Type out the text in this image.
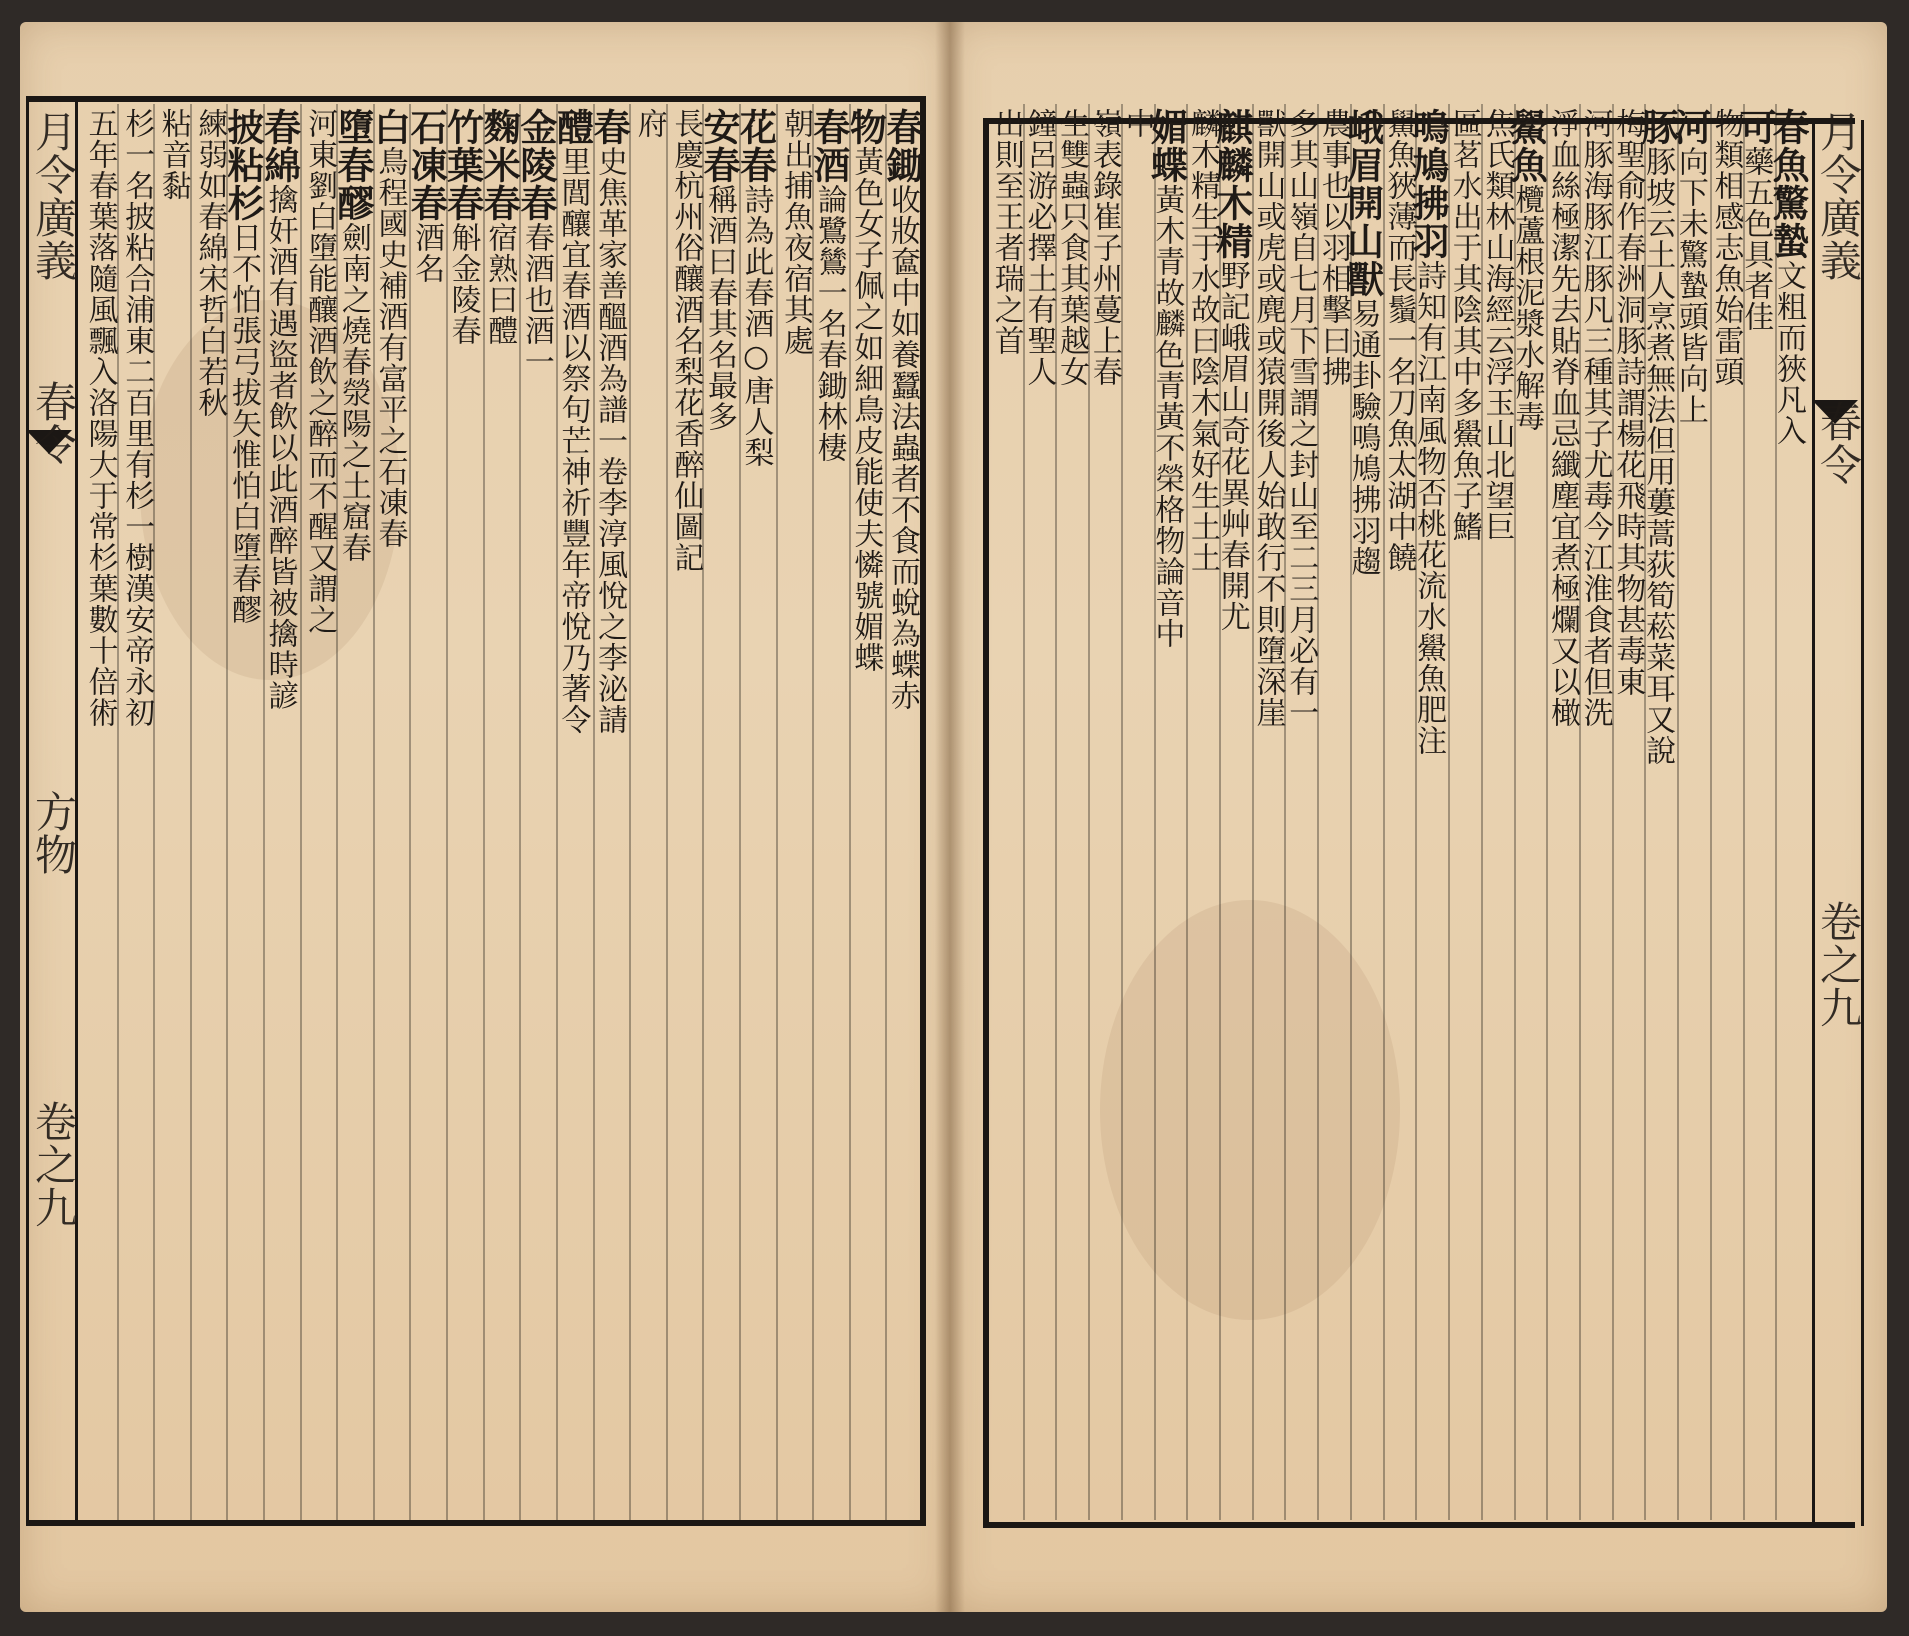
月令廣義
春令
方物
卷之九
月令廣義
春令
卷之九
春鋤收妝奩中如養蠶法蟲者不食而蛻為蝶赤
物黃色女子佩之如細鳥皮能使夫憐號媚蝶
春酒論鷺鷥一名春鋤林棲
朝出捕魚夜宿其處
花春詩為此春酒○唐人梨
安春稱酒曰春其名最多
長慶杭州俗釀酒名梨花香醉仙圖記
府
春史焦革家善醞酒為譜一卷李淳風悅之李泌請
醴里閭釀宜春酒以祭句芒神祈豐年帝悅乃著令
金陵春春酒也酒一
麴米春宿熟曰醴
竹葉春斛金陵春
石凍春酒名
白鳥程國史補酒有富平之石凍春
墮春醪劍南之燒春滎陽之土窟春
河東劉白墮能釀酒飲之醉而不醒又謂之
春綿擒奸酒有遇盜者飲以此酒醉皆被擒時諺
披粘杉日不怕張弓拔矢惟怕白墮春醪
練弱如春綿宋哲白若秋
粘音黏
杉一名披粘合浦東二百里有杉一樹漢安帝永初
五年春葉落隨風飄入洛陽大于常杉葉數十倍術	春魚驚蟄文粗而狹凡入
可藥五色具者佳
物類相感志魚始雷頭
河向下未驚蟄頭皆向上
豚豚坡云土人烹煮無法但用蔞蒿荻筍菘菜耳又說
梅聖俞作春洲洞豚詩謂楊花飛時其物甚毒東
河豚海豚江豚凡三種其子尤毒今江淮食者但洗
淨血絲極潔先去貼脊血忌纖塵宜煮極爛又以橄
鱟魚欖蘆根泥漿水解毒
焦氏類林山海經云浮玉山北望巨
區茗水出于其陰其中多鱟魚子鰭
鳴鳩拂羽詩知有江南風物否桃花流水鱟魚肥注
鱟魚狹薄而長鬚一名刀魚太湖中饒
峨眉開山獸易通卦驗鳴鳩拂羽趨
農事也以羽相擊曰拂
多其山嶺自七月下雪謂之封山至二三月必有一
獸開山或虎或麂或猿開後人始敢行不則墮深崖
麒麟木精野記峨眉山奇花異艸春開尤
麟木精生于水故曰陰木氣好生土土
媚蝶黃木青故麟色青黃不榮格物論音中
中
嶺表錄崔子州蔓上春
生雙蟲只食其葉越女
鐘呂游必擇土有聖人
出則至王者瑞之首
